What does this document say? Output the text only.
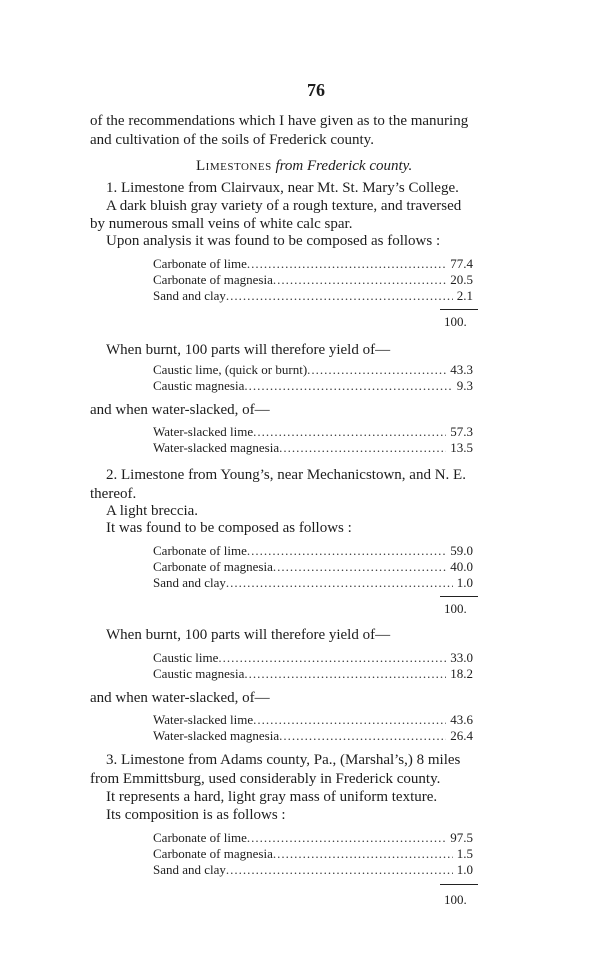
76
of the recommendations which I have given as to the manuring
and cultivation of the soils of Frederick county.
Limestones from Frederick county.
1. Limestone from Clairvaux, near Mt. St. Mary’s College.
A dark bluish gray variety of a rough texture, and traversed
by numerous small veins of white calc spar.
Upon analysis it was found to be composed as follows :
Carbonate of lime .....	77.4
Carbonate of magnesia .....	20.5
Sand and clay .....	2.1
100.
When burnt, 100 parts will therefore yield of—
Caustic lime, (quick or burnt) .....	43.3
Caustic magnesia .....	9.3
and when water-slacked, of—
Water-slacked lime .....	57.3
Water-slacked magnesia .....	13.5
2. Limestone from Young’s, near Mechanicstown, and N. E.
thereof.
A light breccia.
It was found to be composed as follows :
Carbonate of lime .....	59.0
Carbonate of magnesia .....	40.0
Sand and clay .....	1.0
100.
When burnt, 100 parts will therefore yield of—
Caustic lime .....	33.0
Caustic magnesia .....	18.2
and when water-slacked, of—
Water-slacked lime .....	43.6
Water-slacked magnesia .....	26.4
3. Limestone from Adams county, Pa., (Marshal’s,) 8 miles
from Emmittsburg, used considerably in Frederick county.
It represents a hard, light gray mass of uniform texture.
Its composition is as follows :
Carbonate of lime .....	97.5
Carbonate of magnesia .....	1.5
Sand and clay .....	1.0
100.
